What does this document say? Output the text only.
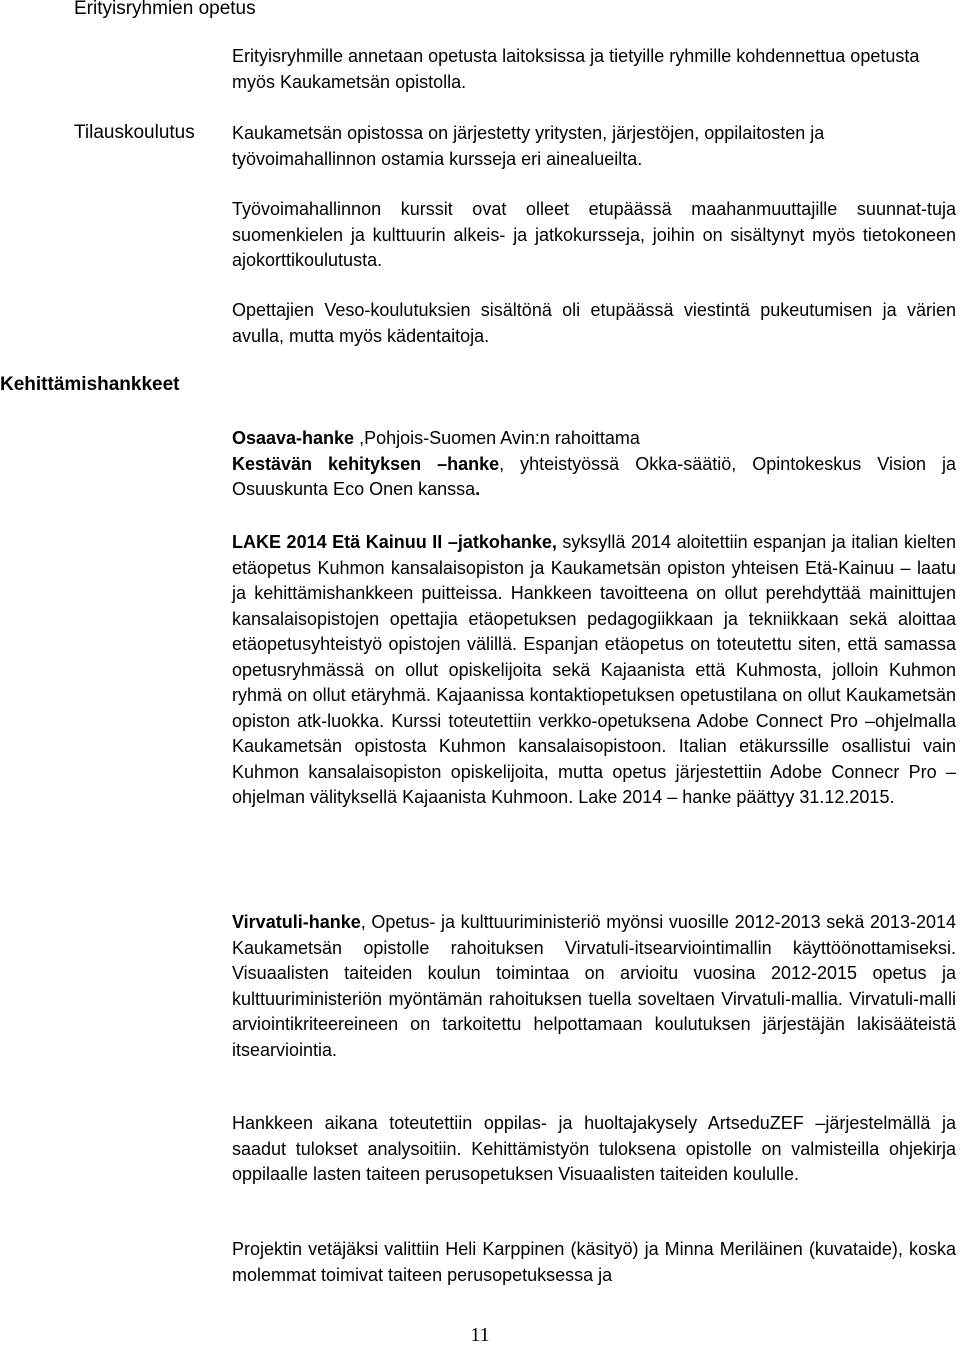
Erityisryhmien opetus
Erityisryhmille annetaan opetusta laitoksissa ja tietyille ryhmille kohdennettua opetusta myös Kaukametsän opistolla.
Tilauskoulutus Kaukametsän opistossa on järjestetty yritysten, järjestöjen, oppilaitosten ja työvoimahallinnon ostamia kursseja eri ainealueilta.
Työvoimahallinnon kurssit ovat olleet etupäässä maahanmuuttajille suunnat-tuja suomenkielen ja kulttuurin alkeis- ja jatkokursseja, joihin on sisältynyt myös tietokoneen ajokorttikoulutusta.
Opettajien Veso-koulutuksien sisältönä oli etupäässä viestintä pukeutumisen ja värien avulla, mutta myös kädentaitoja.
Kehittämishankkeet
Osaava-hanke ,Pohjois-Suomen Avin:n rahoittama
Kestävän kehityksen –hanke, yhteistyössä Okka-säätiö, Opintokeskus Vision ja Osuuskunta Eco Onen kanssa.
LAKE 2014 Etä Kainuu II –jatkohanke, syksyllä 2014 aloitettiin espanjan ja italian kielten etäopetus Kuhmon kansalaisopiston ja Kaukametsän opiston yhteisen Etä-Kainuu – laatu ja kehittämishankkeen puitteissa. Hankkeen tavoitteena on ollut perehdyttää mainittujen kansalaisopistojen opettajia etäopetuksen pedagogiikkaan ja tekniikkaan sekä aloittaa etäopetusyhteistyö opistojen välillä. Espanjan etäopetus on toteutettu siten, että samassa opetusryhmässä on ollut opiskelijoita sekä Kajaanista että Kuhmosta, jolloin Kuhmon ryhmä on ollut etäryhmä. Kajaanissa kontaktiopetuksen opetustilana on ollut Kaukametsän opiston atk-luokka. Kurssi toteutettiin verkko-opetuksena Adobe Connect Pro –ohjelmalla Kaukametsän opistosta Kuhmon kansalaisopistoon. Italian etäkurssille osallistui vain Kuhmon kansalaisopiston opiskelijoita, mutta opetus järjestettiin Adobe Connecr Pro –ohjelman välityksellä Kajaanista Kuhmoon. Lake 2014 – hanke päättyy 31.12.2015.
Virvatuli-hanke, Opetus- ja kulttuuriministeriö myönsi vuosille 2012-2013 sekä 2013-2014 Kaukametsän opistolle rahoituksen Virvatuli-itsearviointimallin käyttöönottamiseksi. Visuaalisten taiteiden koulun toimintaa on arvioitu vuosina 2012-2015 opetus ja kulttuuriministeriön myöntämän rahoituksen tuella soveltaen Virvatuli-mallia. Virvatuli-malli arviointikriteereineen on tarkoitettu helpottamaan koulutuksen järjestäjän lakisääteistä itsearviointia.
Hankkeen aikana toteutettiin oppilas- ja huoltajakysely ArtseduZEF –järjestelmällä ja saadut tulokset analysoitiin. Kehittämistyön tuloksena opistolle on valmisteilla ohjekirja oppilaalle lasten taiteen perusopetuksen Visuaalisten taiteiden koululle.
Projektin vetäjäksi valittiin Heli Karppinen (käsityö) ja Minna Meriläinen (kuvataide), koska molemmat toimivat taiteen perusopetuksessa ja
11
